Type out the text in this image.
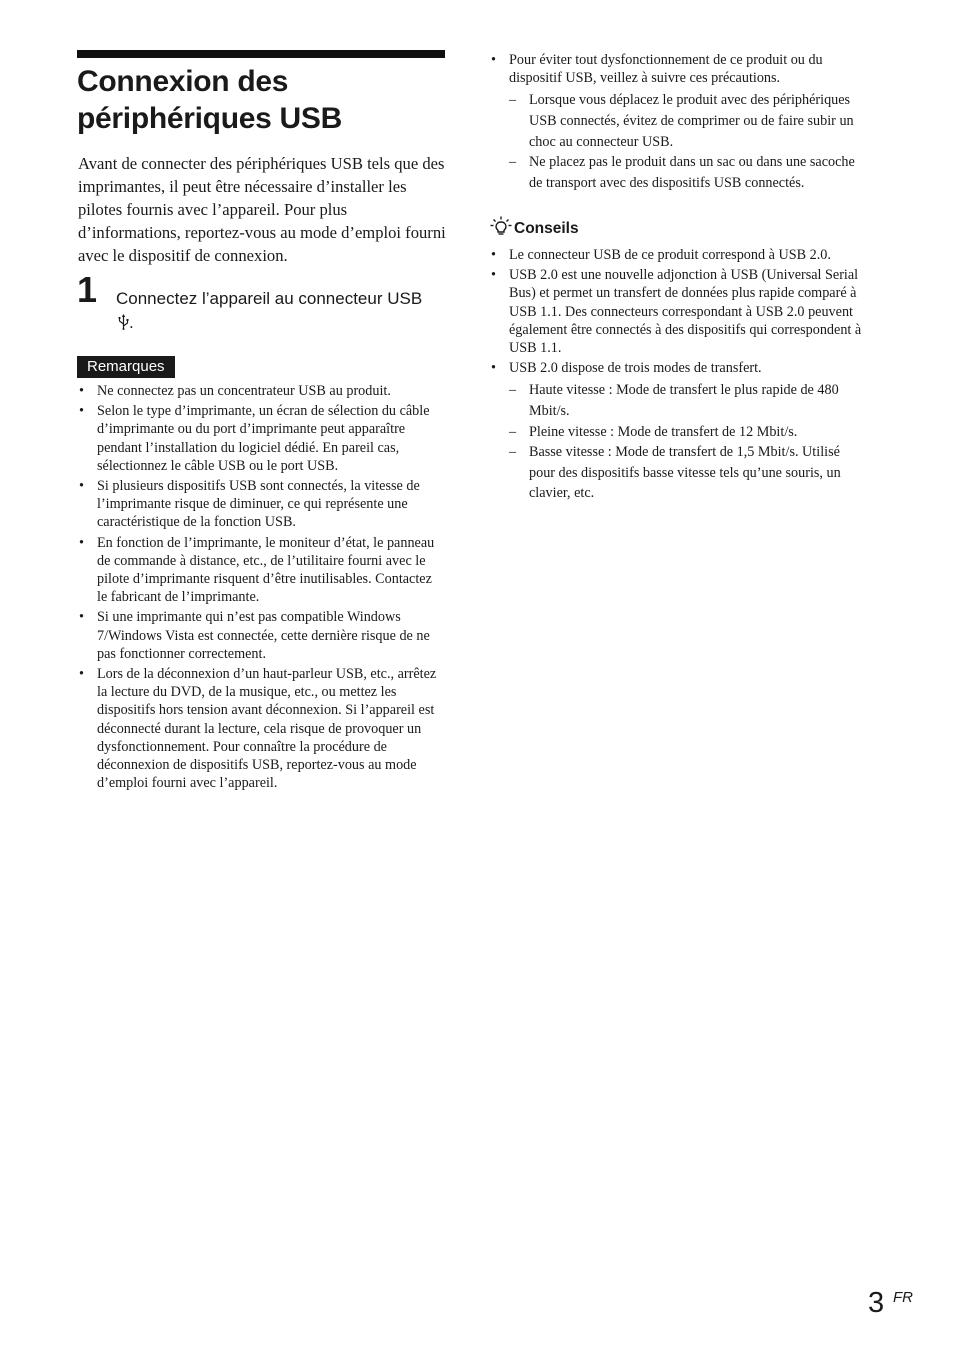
Connexion des périphériques USB

Avant de connecter des périphériques USB tels que des imprimantes, il peut être nécessaire d’installer les pilotes fournis avec l’appareil. Pour plus d’informations, reportez-vous au mode d’emploi fourni avec le dispositif de connexion.

1 Connectez l’appareil au connecteur USB .
Remarques
• Ne connectez pas un concentrateur USB au produit.
• Selon le type d’imprimante, un écran de sélection du câble d’imprimante ou du port d’imprimante peut apparaître pendant l’installation du logiciel dédié. En pareil cas, sélectionnez le câble USB ou le port USB.
• Si plusieurs dispositifs USB sont connectés, la vitesse de l’imprimante risque de diminuer, ce qui représente une caractéristique de la fonction USB.
• En fonction de l’imprimante, le moniteur d’état, le panneau de commande à distance, etc., de l’utilitaire fourni avec le pilote d’imprimante risquent d’être inutilisables. Contactez le fabricant de l’imprimante.
• Si une imprimante qui n’est pas compatible Windows 7/Windows Vista est connectée, cette dernière risque de ne pas fonctionner correctement.
• Lors de la déconnexion d’un haut-parleur USB, etc., arrêtez la lecture du DVD, de la musique, etc., ou mettez les dispositifs hors tension avant déconnexion. Si l’appareil est déconnecté durant la lecture, cela risque de provoquer un dysfonctionnement. Pour connaître la procédure de déconnexion de dispositifs USB, reportez-vous au mode d’emploi fourni avec l’appareil.
• Pour éviter tout dysfonctionnement de ce produit ou du dispositif USB, veillez à suivre ces précautions.
– Lorsque vous déplacez le produit avec des périphériques USB connectés, évitez de comprimer ou de faire subir un choc au connecteur USB.
– Ne placez pas le produit dans un sac ou dans une sacoche de transport avec des dispositifs USB connectés.
Conseils
• Le connecteur USB de ce produit correspond à USB 2.0.
• USB 2.0 est une nouvelle adjonction à USB (Universal Serial Bus) et permet un transfert de données plus rapide comparé à USB 1.1. Des connecteurs correspondant à USB 2.0 peuvent également être connectés à des dispositifs qui correspondent à USB 1.1.
• USB 2.0 dispose de trois modes de transfert.
– Haute vitesse : Mode de transfert le plus rapide de 480 Mbit/s.
– Pleine vitesse : Mode de transfert de 12 Mbit/s.
– Basse vitesse : Mode de transfert de 1,5 Mbit/s. Utilisé pour des dispositifs basse vitesse tels qu’une souris, un clavier, etc.
3 FR
